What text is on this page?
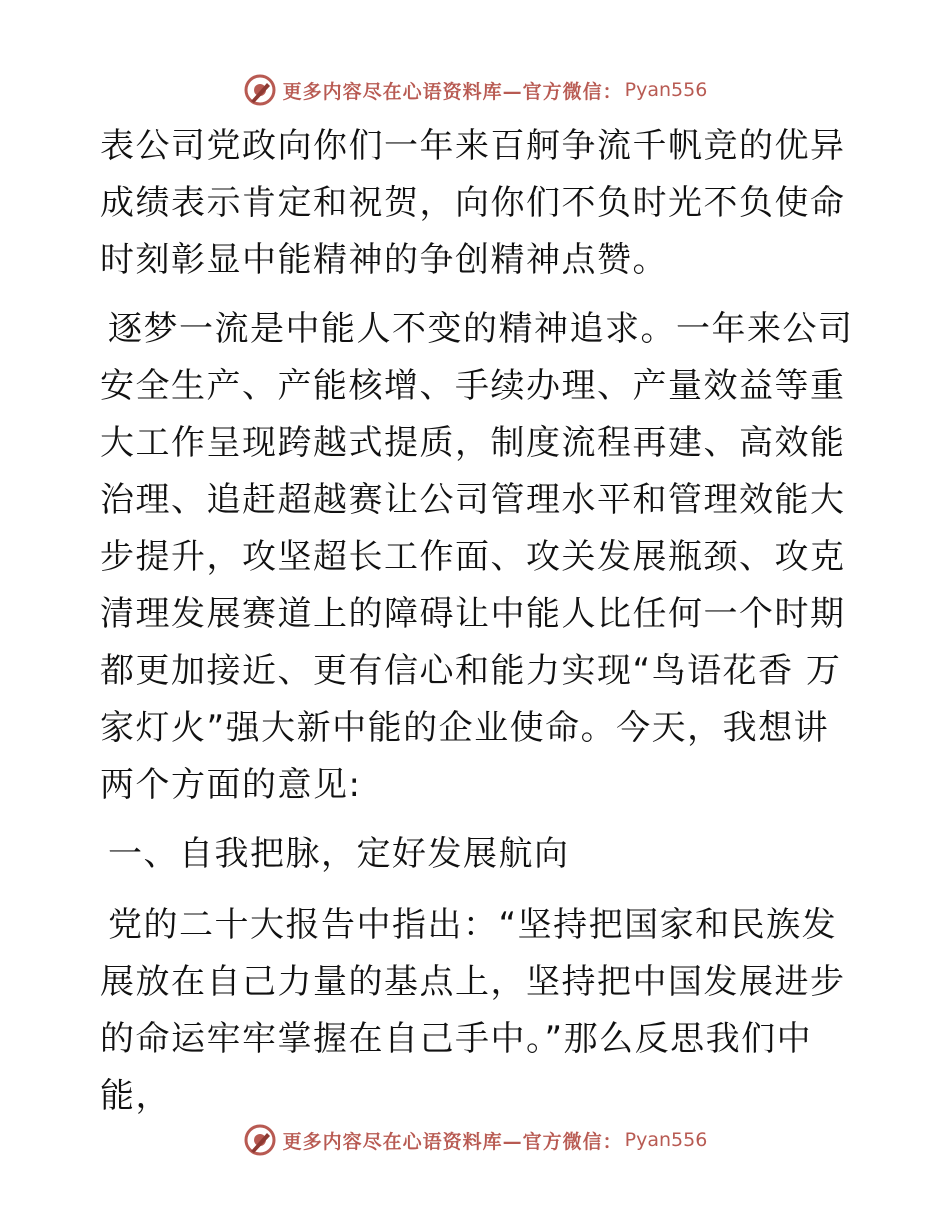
更多内容尽在心语资料库—官方微信： Pyan556

表公司党政向你们一年来百舸争流千帆竞的优异成绩表示肯定和祝贺，向你们不负时光不负使命时刻彰显中能精神的争创精神点赞。

逐梦一流是中能人不变的精神追求。一年来公司安全生产、产能核增、手续办理、产量效益等重大工作呈现跨越式提质，制度流程再建、高效能治理、追赶超越赛让公司管理水平和管理效能大步提升，攻坚超长工作面、攻关发展瓶颈、攻克清理发展赛道上的障碍让中能人比任何一个时期都更加接近、更有信心和能力实现“鸟语花香 万家灯火”强大新中能的企业使命。今天，我想讲两个方面的意见:

一、自我把脉，定好发展航向

党的二十大报告中指出：“坚持把国家和民族发展放在自己力量的基点上，坚持把中国发展进步的命运牢牢掌握在自己手中。”那么反思我们中能，

更多内容尽在心语资料库—官方微信： Pyan556
